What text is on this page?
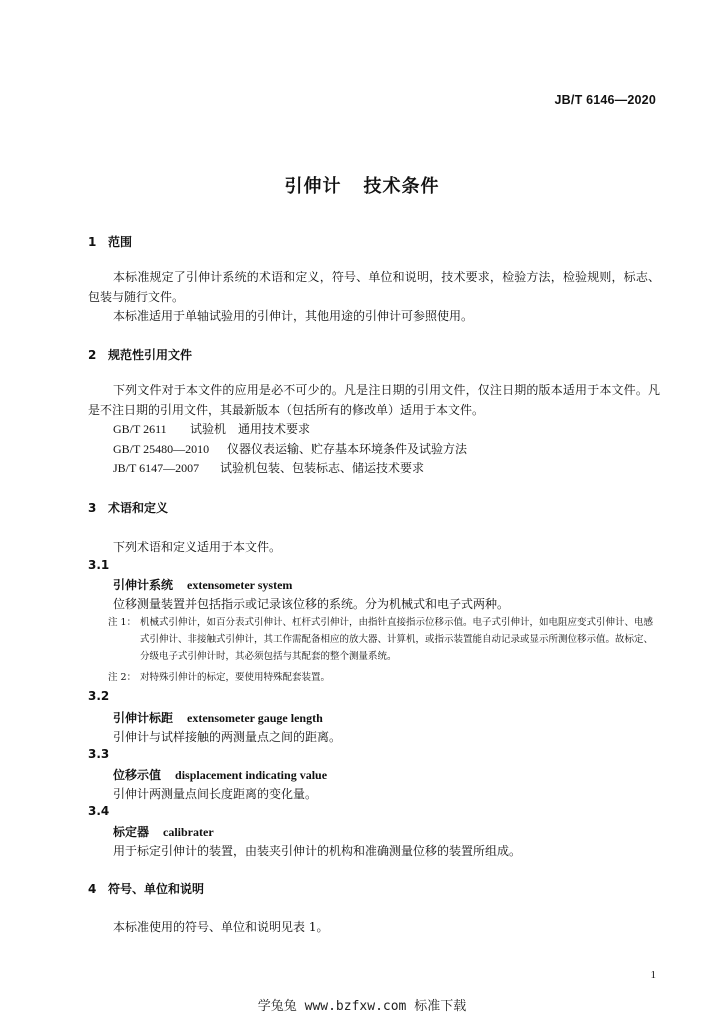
JB/T 6146—2020
引伸计 技术条件
1 范围
本标准规定了引伸计系统的术语和定义，符号、单位和说明，技术要求，检验方法，检验规则，标志、包装与随行文件。
本标准适用于单轴试验用的引伸计，其他用途的引伸计可参照使用。
2 规范性引用文件
下列文件对于本文件的应用是必不可少的。凡是注日期的引用文件，仅注日期的版本适用于本文件。凡是不注日期的引用文件，其最新版本（包括所有的修改单）适用于本文件。
GB/T 2611 试验机　通用技术要求
GB/T 25480—2010 仪器仪表运输、贮存基本环境条件及试验方法
JB/T 6147—2007 试验机包装、包装标志、储运技术要求
3 术语和定义
下列术语和定义适用于本文件。
3.1
引伸计系统 extensometer system
位移测量装置并包括指示或记录该位移的系统。分为机械式和电子式两种。
注 1： 机械式引伸计，如百分表式引伸计、杠杆式引伸计，由指针直接指示位移示值。电子式引伸计，如电阻应变式引伸计、电感式引伸计、非接触式引伸计，其工作需配备相应的放大器、计算机，或指示装置能自动记录或显示所测位移示值。故标定、分级电子式引伸计时，其必须包括与其配套的整个测量系统。
注 2： 对特殊引伸计的标定，要使用特殊配套装置。
3.2
引伸计标距 extensometer gauge length
引伸计与试样接触的两测量点之间的距离。
3.3
位移示值 displacement indicating value
引伸计两测量点间长度距离的变化量。
3.4
标定器 calibrater
用于标定引伸计的装置，由装夹引伸计的机构和准确测量位移的装置所组成。
4 符号、单位和说明
本标准使用的符号、单位和说明见表 1。
1
学兔兔 www.bzfxw.com 标准下载
